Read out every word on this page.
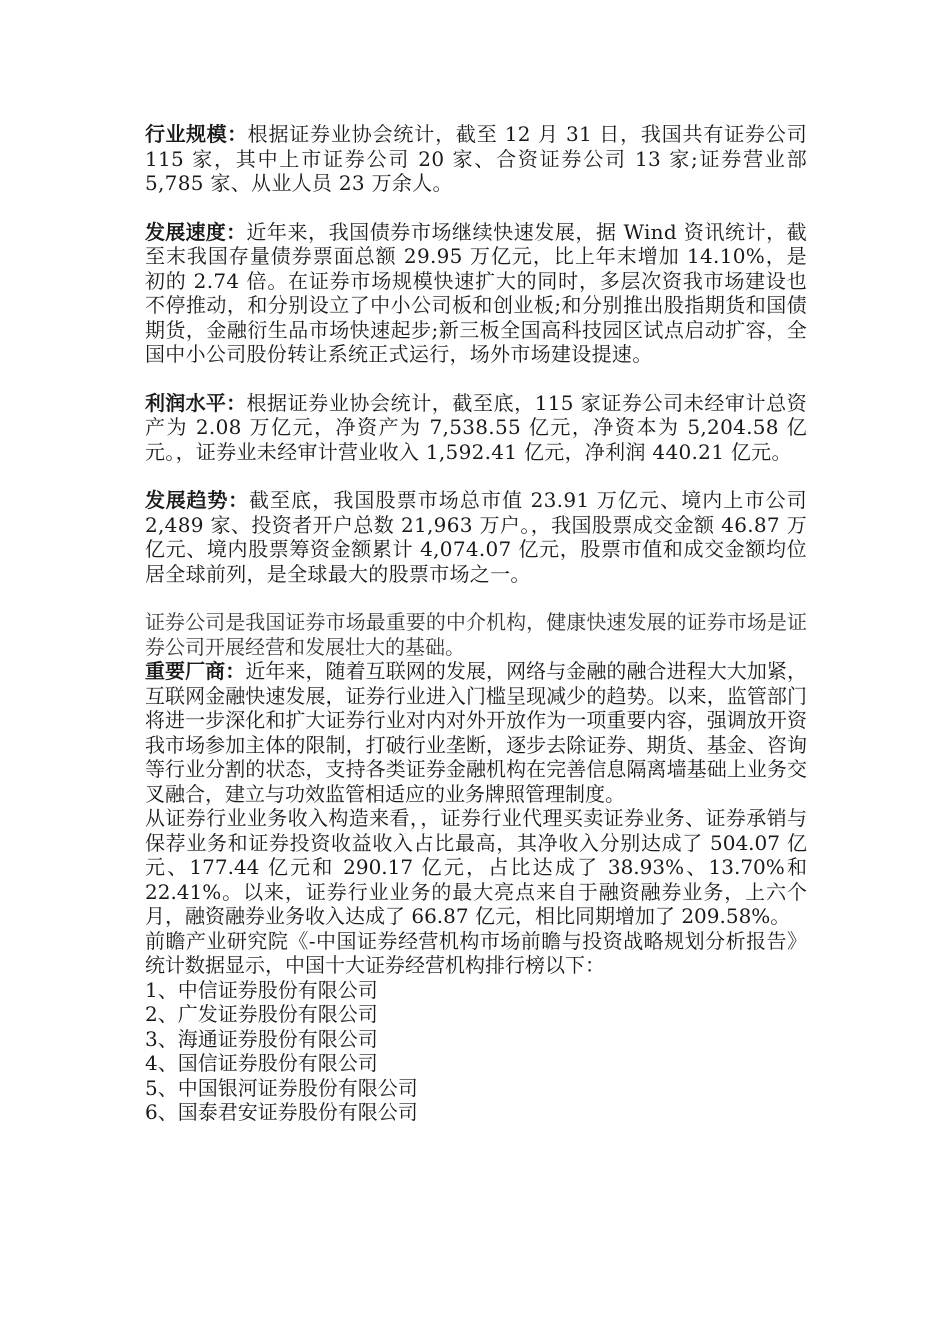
行业规模：根据证券业协会统计，截至 12 月 31 日，我国共有证券公司 115 家，其中上市证券公司 20 家、合资证券公司 13 家;证券营业部 5,785 家、从业人员 23 万余人。

发展速度：近年来，我国债券市场继续快速发展，据 Wind 资讯统计，截至末我国存量债券票面总额 29.95 万亿元，比上年末增加 14.10%，是初的 2.74 倍。在证券市场规模快速扩大的同时，多层次资我市场建设也不停推动，和分别设立了中小公司板和创业板;和分别推出股指期货和国债期货，金融衍生品市场快速起步;新三板全国高科技园区试点启动扩容，全国中小公司股份转让系统正式运行，场外市场建设提速。

利润水平：根据证券业协会统计，截至底，115 家证券公司未经审计总资产为 2.08 万亿元，净资产为 7,538.55 亿元，净资本为 5,204.58 亿元。，证券业未经审计营业收入 1,592.41 亿元，净利润 440.21 亿元。

发展趋势：截至底，我国股票市场总市值 23.91 万亿元、境内上市公司 2,489 家、投资者开户总数 21,963 万户。，我国股票成交金额 46.87 万亿元、境内股票筹资金额累计 4,074.07 亿元，股票市值和成交金额均位居全球前列，是全球最大的股票市场之一。

证券公司是我国证券市场最重要的中介机构，健康快速发展的证券市场是证券公司开展经营和发展壮大的基础。

重要厂商：近年来，随着互联网的发展，网络与金融的融合进程大大加紧，互联网金融快速发展，证券行业进入门槛呈现减少的趋势。以来，监管部门将进一步深化和扩大证券行业对内对外开放作为一项重要内容，强调放开资我市场参加主体的限制，打破行业垄断，逐步去除证券、期货、基金、咨询等行业分割的状态，支持各类证券金融机构在完善信息隔离墙基础上业务交叉融合，建立与功效监管相适应的业务牌照管理制度。

从证券行业业务收入构造来看，，证券行业代理买卖证券业务、证券承销与保荐业务和证券投资收益收入占比最高，其净收入分别达成了 504.07 亿元、177.44 亿元和 290.17 亿元，占比达成了 38.93%、13.70%和 22.41%。以来，证券行业业务的最大亮点来自于融资融券业务，上六个月，融资融券业务收入达成了 66.87 亿元，相比同期增加了 209.58%。

前瞻产业研究院《-中国证券经营机构市场前瞻与投资战略规划分析报告》统计数据显示，中国十大证券经营机构排行榜以下：

1、中信证券股份有限公司

2、广发证券股份有限公司

3、海通证券股份有限公司

4、国信证券股份有限公司

5、中国银河证券股份有限公司

6、国泰君安证券股份有限公司
